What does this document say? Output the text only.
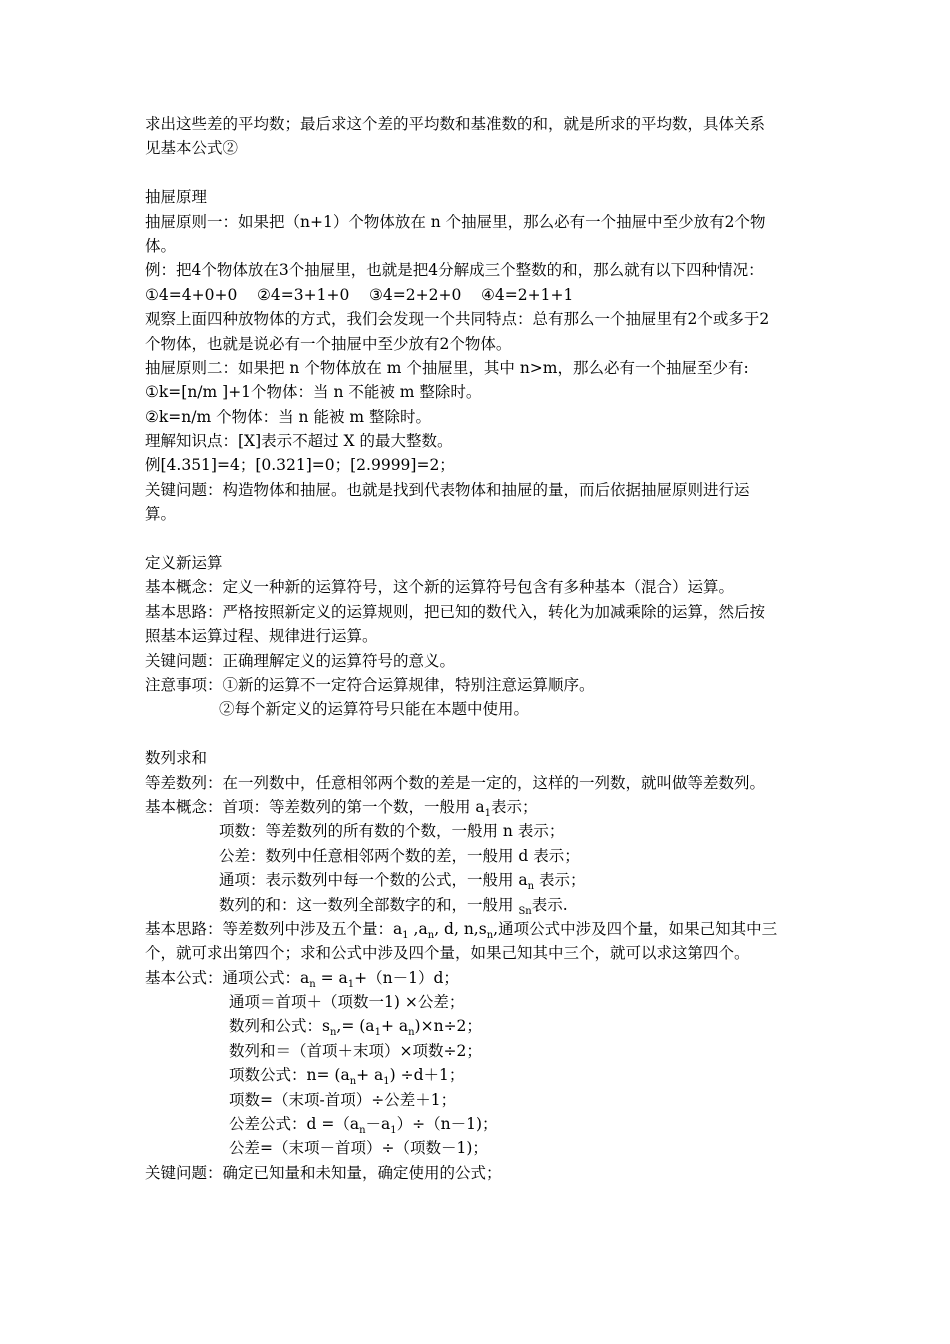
求出这些差的平均数；最后求这个差的平均数和基准数的和，就是所求的平均数，具体关系
见基本公式②
抽屉原理
抽屉原则一：如果把（n+1）个物体放在 n 个抽屉里，那么必有一个抽屉中至少放有2个物
体。
例：把4个物体放在3个抽屉里，也就是把4分解成三个整数的和，那么就有以下四种情况：
①4=4+0+0    ②4=3+1+0    ③4=2+2+0    ④4=2+1+1
观察上面四种放物体的方式，我们会发现一个共同特点：总有那么一个抽屉里有2个或多于2
个物体，也就是说必有一个抽屉中至少放有2个物体。
抽屉原则二：如果把 n 个物体放在 m 个抽屉里，其中 n>m，那么必有一个抽屉至少有:
①k=[n/m ]+1个物体：当 n 不能被 m 整除时。
②k=n/m 个物体：当 n 能被 m 整除时。
理解知识点：[X]表示不超过 X 的最大整数。
例[4.351]=4；[0.321]=0；[2.9999]=2；
关键问题：构造物体和抽屉。也就是找到代表物体和抽屉的量，而后依据抽屉原则进行运
算。
定义新运算
基本概念：定义一种新的运算符号，这个新的运算符号包含有多种基本（混合）运算。
基本思路：严格按照新定义的运算规则，把已知的数代入，转化为加减乘除的运算，然后按
照基本运算过程、规律进行运算。
关键问题：正确理解定义的运算符号的意义。
注意事项：①新的运算不一定符合运算规律，特别注意运算顺序。
②每个新定义的运算符号只能在本题中使用。
数列求和
等差数列：在一列数中，任意相邻两个数的差是一定的，这样的一列数，就叫做等差数列。
基本概念：首项：等差数列的第一个数，一般用 $a_1$表示；
项数：等差数列的所有数的个数，一般用 n 表示；
公差：数列中任意相邻两个数的差，一般用 d 表示；
通项：表示数列中每一个数的公式，一般用 $a_n$ 表示；
数列的和：这一数列全部数字的和，一般用 $_{Sn}$表示.
基本思路：等差数列中涉及五个量：$a_1$ $,a_n$, d, $n,s_n$,通项公式中涉及四个量，如果己知其中三
个，就可求出第四个；求和公式中涉及四个量，如果己知其中三个，就可以求这第四个。
基本公式：通项公式：$a_n = a_1+(n-1)d$；
通项＝首项＋（项数一1) ×公差；
数列和公式：$s_n,= (a_1+ a_n)\times n\div 2$；
数列和＝（首项＋末项）×项数÷2；
项数公式：$n= (a_n+ a_1) \div d+1$；
项数=（末项-首项）÷公差＋1；
公差公式：$d =(a_n-a_1)\div(n-1)$；
公差=（末项－首项）÷（项数－1)；
关键问题：确定已知量和未知量，确定使用的公式；
